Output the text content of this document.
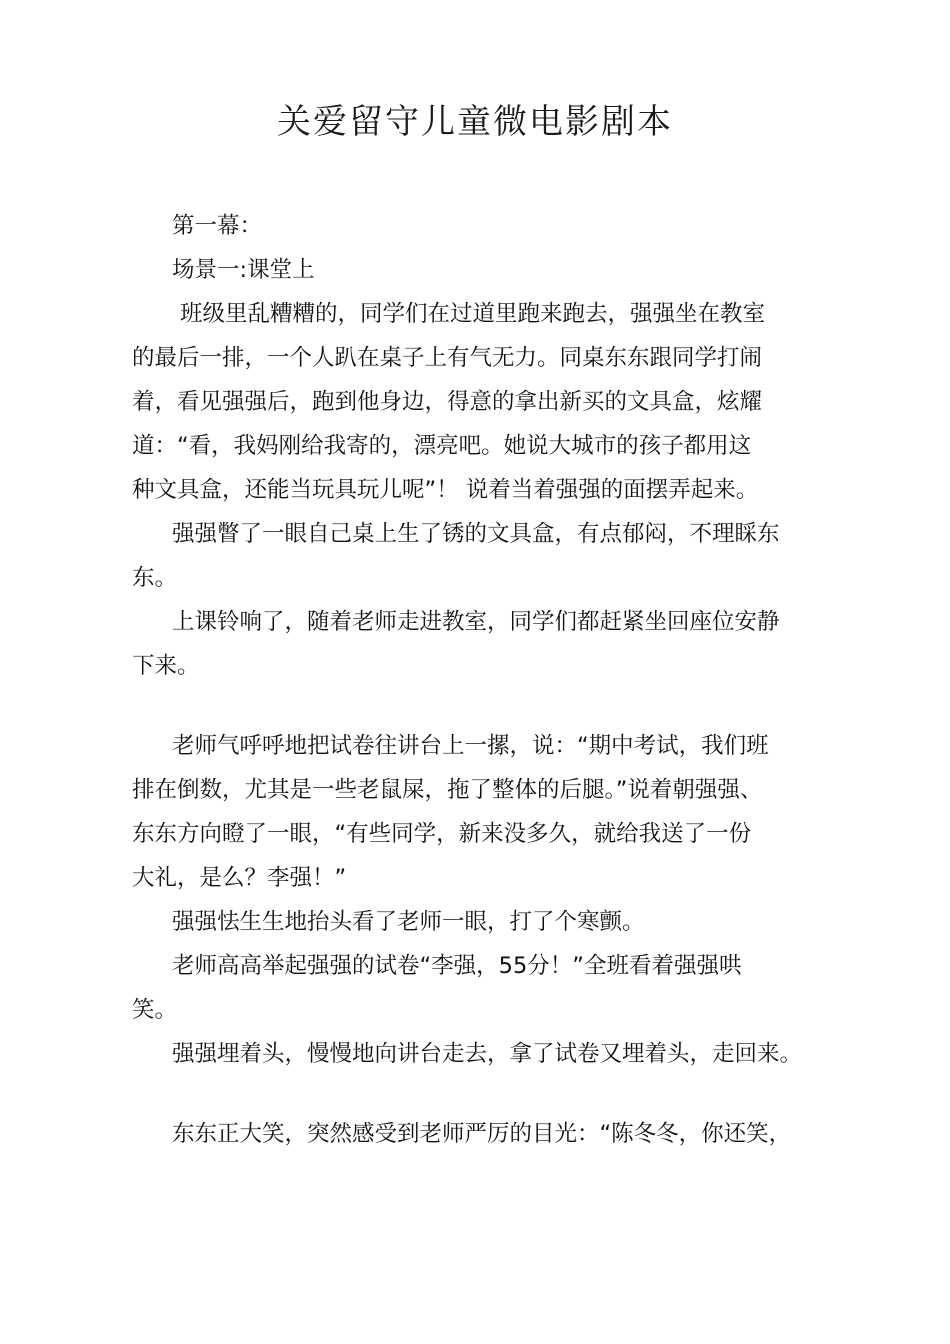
关爱留守儿童微电影剧本
第一幕：
场景一:课堂上
班级里乱糟糟的，同学们在过道里跑来跑去，强强坐在教室
的最后一排，一个人趴在桌子上有气无力。同桌东东跟同学打闹
着，看见强强后，跑到他身边，得意的拿出新买的文具盒，炫耀
道：“看，我妈刚给我寄的，漂亮吧。她说大城市的孩子都用这
种文具盒，还能当玩具玩儿呢”！ 说着当着强强的面摆弄起来。
强强瞥了一眼自己桌上生了锈的文具盒，有点郁闷，不理睬东
东。
上课铃响了，随着老师走进教室，同学们都赶紧坐回座位安静
下来。
老师气呼呼地把试卷往讲台上一摞，说：“期中考试，我们班
排在倒数，尤其是一些老鼠屎，拖了整体的后腿。”说着朝强强、
东东方向瞪了一眼，“有些同学，新来没多久，就给我送了一份
大礼，是么？李强！”
强强怯生生地抬头看了老师一眼，打了个寒颤。
老师高高举起强强的试卷“李强，55分！”全班看着强强哄
笑。
强强埋着头，慢慢地向讲台走去，拿了试卷又埋着头，走回来。
东东正大笑，突然感受到老师严厉的目光：“陈冬冬，你还笑，
